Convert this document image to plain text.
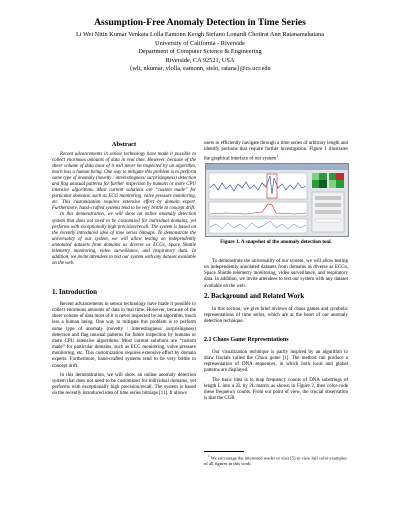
Assumption-Free Anomaly Detection in Time Series
Li Wei Nitin Kumar Venkata Lolla Eamonn Keogh Stefano Lonardi Chotirat Ann Ratanamahatana
University of California - Riverside
Department of Computer Science & Engineering
Riverside, CA 92521, USA
{wli, nkumar, vlolla, eamonn, stelo, ratana}@cs.ucr.edu
Abstract

Recent advancements in sensor technology have made it possible to collect enormous amounts of data in real time. However, because of the sheer volume of data most of it will never be inspected by an algorithm, much less a human being. One way to mitigate this problem is to perform some type of anomaly (novelty / interestingness/ surprisingness) detection and flag unusual patterns for further inspection by humans or more CPU intensive algorithms. Most current solutions are “custom made” for particular domains, such as ECG monitoring, valve pressure monitoring, etc. This customization requires extensive effort by domain expert. Furthermore, hand-crafted systems tend to be very brittle to concept drift.

In this demonstration, we will show an online anomaly detection system that does not need to be customized for individual domains, yet performs with exceptionally high precision/recall. The system is based on the recently introduced idea of time series bitmaps. To demonstrate the universality of our system, we will allow testing on independently annotated datasets from domains as diverse as ECGs, Space Shuttle telemetry monitoring, video surveillance, and respiratory data. In addition, we invite attendees to test our system with any dataset available on the web.

1. Introduction

Recent advancements in sensor technology have made it possible to collect enormous amounts of data in real time. However, because of the sheer volume of data most of it is never inspected by an algorithm, much less a human being. One way to mitigate this problem is to perform some type of anomaly (novelty / interestingness/ surprisingness) detection and flag unusual patterns for future inspection by humans or more CPU intensive algorithms. Most current solutions are “custom made” for particular domains, such as ECG monitoring, valve pressure monitoring, etc. This customization requires extensive effort by domain experts. Furthermore, hand-crafted systems tend to be very brittle to concept drift.

In this demonstration, we will show an online anomaly detection system that does not need to be customized for individual domains, yet performs with exceptionally high precision/recall. The system is based on the recently introduced idea of time series bitmaps [11]. It allows

users to efficiently navigate through a time series of arbitrary length and identify portions that require further investigation. Figure 1 illustrates the graphical interface of our system$^1$.

Figure 1. A snapshot of the anomaly detection tool.

To demonstrate the universality of our system, we will allow testing on independently annotated datasets from domains as diverse as ECGs, Space Shuttle telemetry monitoring, video surveillance, and respiratory data. In addition, we invite attendees to test our system with any dataset available on the web.

2. Background and Related Work

In this section, we give brief reviews of chaos games and symbolic representations of time series, which are at the heart of our anomaly detection technique.

2.1 Chaos Game Representations

Our visualization technique is partly inspired by an algorithm to draw fractals called the Chaos game [1]. The method can produce a representation of DNA sequences, in which both local and global patterns are displayed.

The basic idea is to map frequency counts of DNA substrings of length L into a 2L by 2L matrix as shown in Figure 2, then color-code these frequency counts. From our point of view, the crucial observation is that the CGR

$^1$ We encourage the interested reader to visit [5] to view full color examples of all figures in this work.
